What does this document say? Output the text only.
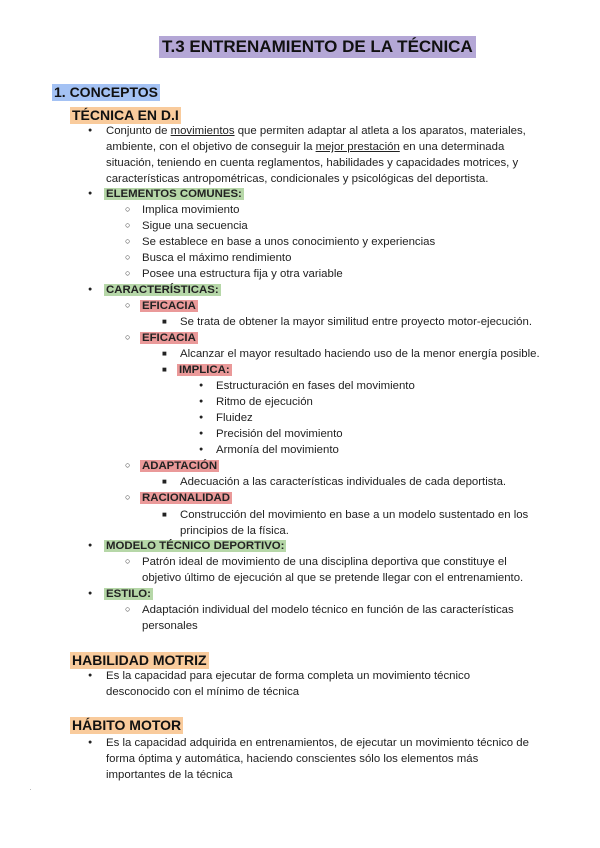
T.3 ENTRENAMIENTO DE LA TÉCNICA
1. CONCEPTOS
TÉCNICA EN D.I
●
Conjunto de movimientos que permiten adaptar al atleta a los aparatos, materiales,
ambiente, con el objetivo de conseguir la mejor prestación en una determinada
situación, teniendo en cuenta reglamentos, habilidades y capacidades motrices, y
características antropométricas, condicionales y psicológicas del deportista.
●
ELEMENTOS COMUNES:
○
Implica movimiento
○
Sigue una secuencia
○
Se establece en base a unos conocimiento y experiencias
○
Busca el máximo rendimiento
○
Posee una estructura fija y otra variable
●
CARACTERÍSTICAS:
○
EFICACIA
■
Se trata de obtener la mayor similitud entre proyecto motor-ejecución.
○
EFICACIA
■
Alcanzar el mayor resultado haciendo uso de la menor energía posible.
■
IMPLICA:
●
Estructuración en fases del movimiento
●
Ritmo de ejecución
●
Fluidez
●
Precisión del movimiento
●
Armonía del movimiento
○
ADAPTACIÓN
■
Adecuación a las características individuales de cada deportista.
○
RACIONALIDAD
■
Construcción del movimiento en base a un modelo sustentado en los
principios de la física.
●
MODELO TÉCNICO DEPORTIVO:
○
Patrón ideal de movimiento de una disciplina deportiva que constituye el
objetivo último de ejecución al que se pretende llegar con el entrenamiento.
●
ESTILO:
○
Adaptación individual del modelo técnico en función de las características
personales
HABILIDAD MOTRIZ
●
Es la capacidad para ejecutar de forma completa un movimiento técnico
desconocido con el mínimo de técnica
HÁBITO MOTOR
●
Es la capacidad adquirida en entrenamientos, de ejecutar un movimiento técnico de
forma óptima y automática, haciendo conscientes sólo los elementos más
importantes de la técnica
